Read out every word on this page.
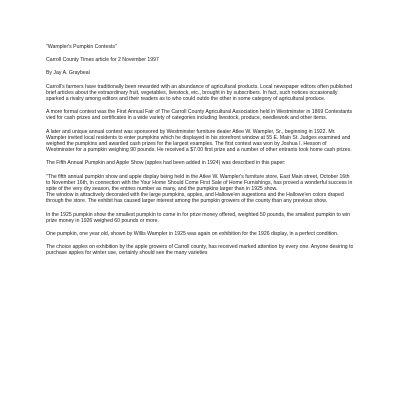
"Wampler's Pumpkin Contests"

Carroll County Times article for 2 November 1997

By Jay A. Graybeal

Carroll's farmers have traditionally been rewarded with an abundance of agricultural products. Local newspaper editors often published brief articles about the extraordinary fruit, vegetables, livestock, etc., brought in by subscribers. In fact, such notices occasionally sparked a rivalry among editors and their readers as to who could outdo the other in some category of agricultural produce.

A more formal contest was the First Annual Fair of The Carroll County Agricultural Association held in Westminster in 1869 Contestants vied for cash prizes and certificates in a wide variety of categories including livestock, produce, needlework and other items.

A later and unique annual contest was sponsored by Westminster furniture dealer Atlee W. Wampler, Sr., beginning in 1922. Mr. Wampler invited local residents to enter pumpkins which he displayed in his storefront window at 55 E. Main St. Judges examined and weighed the pumpkins and awarded cash prizes for the largest examples. The first contest was won by Joshua I. Hesson of Westminster for a pumpkin weighing 90 pounds. He received a $7.00 first prize and a number of other entrants took home cash prizes.

The Fifth Annual Pumpkin and Apple Show (apples had been added in 1924) was described in this paper:

"The fifth annual pumpkin show and apple display being held in the Atlee W. Wampler's furniture store, East Main street, October 16th to November 16th, in connection with the Your Home Should Come First Sale of Home Furnishings, has proved a wonderful success in spite of the very dry season, the entries number as many, and the pumpkins larger than in 1925 show.

The window is attractively decorated with the large pumpkins, apples, and Hallowe'en sugestions and the Hallowe'en colors draped through the store. The exhibit has caused larger interest among the pumpkin growers of the county than any previous show.

In the 1925 pumpkin show the smallest pumpkin to come in for prize money offered, weighted 50 pounds, the smallest pumpkin to win prize money in 1926 weighed 60 pounds or more.

One pumpkin, one year old, shown by Willis Wampler in 1925 was again on exhibition for the 1926 display, in a perfect condition.

The choice apples on exhibition by the apple growers of Carroll county, has received marked attention by every one. Anyone desiring to purchase apples for winter use, certainly should see the many varieties
